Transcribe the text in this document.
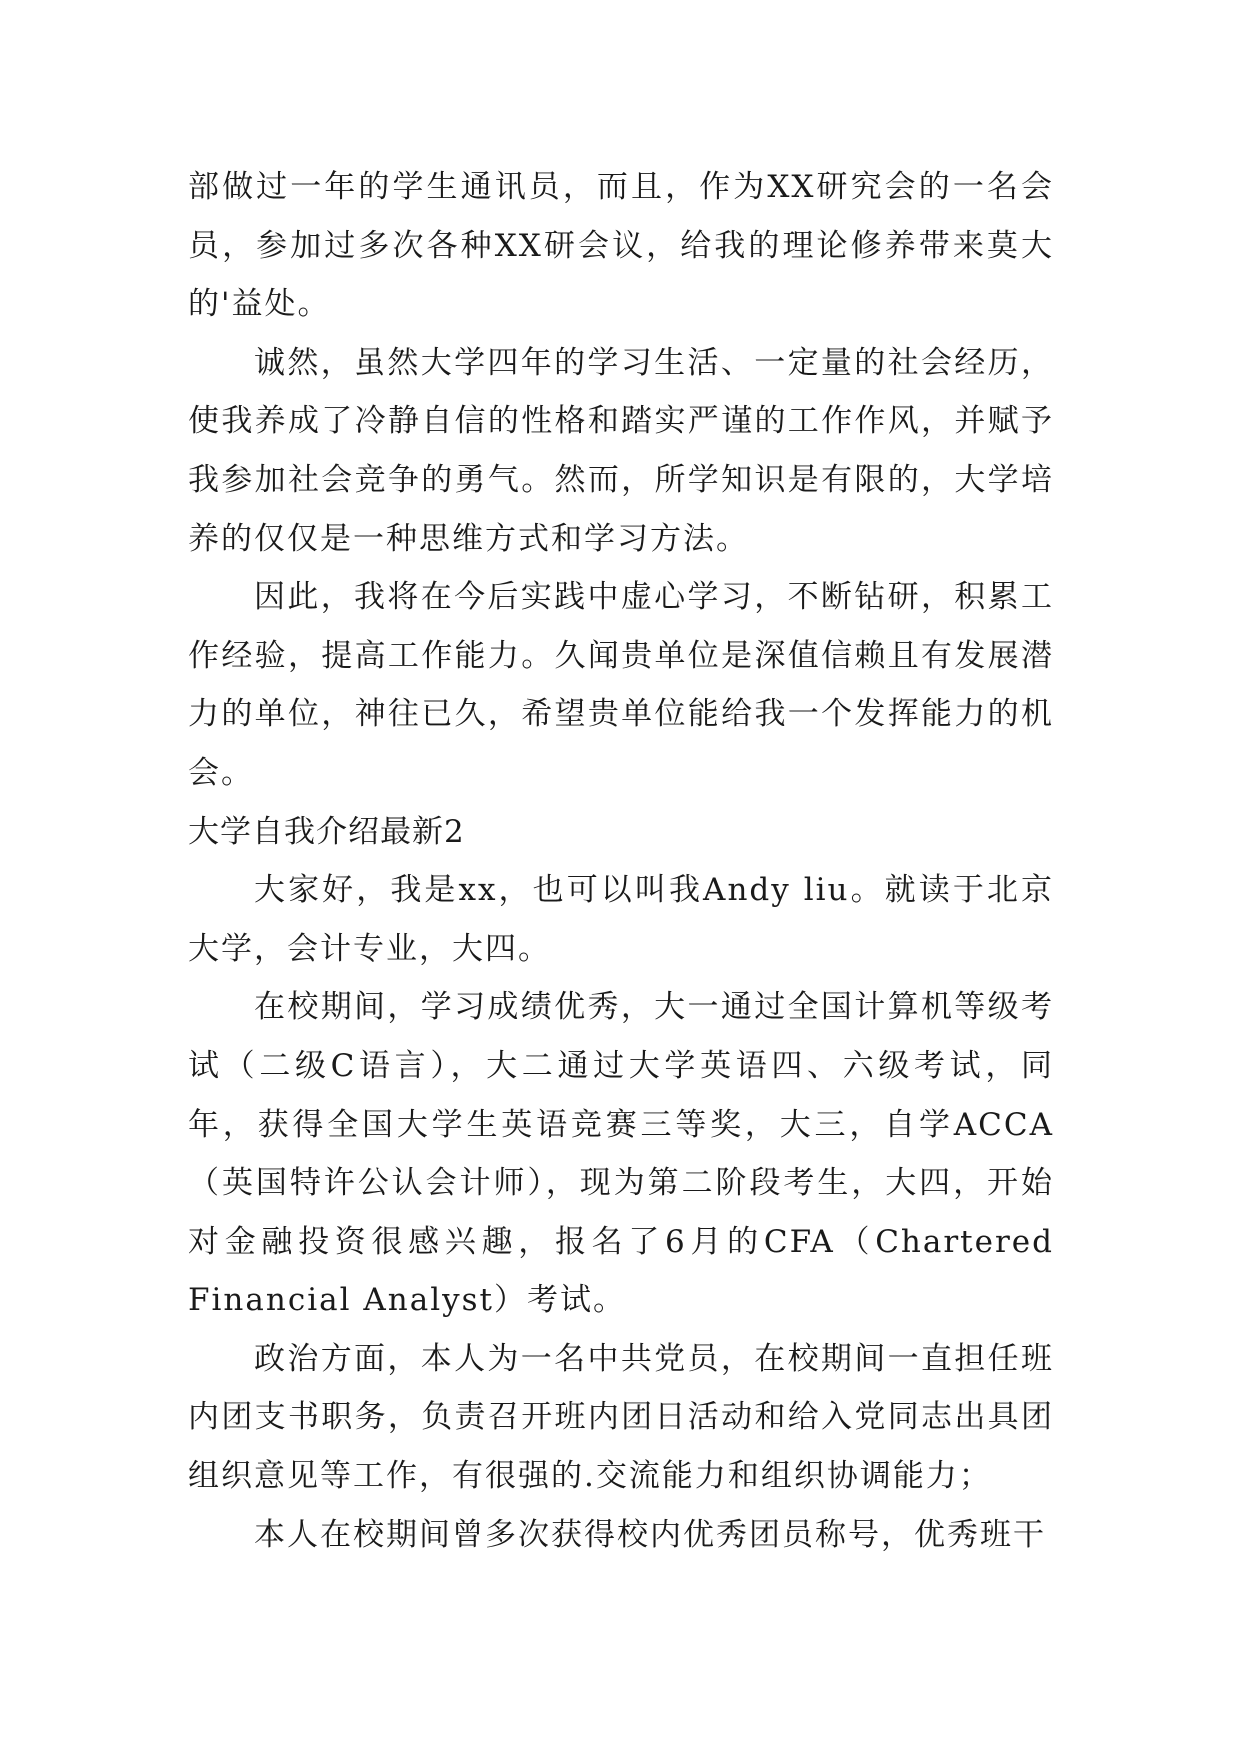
部做过一年的学生通讯员，而且，作为XX研究会的一名会员，参加过多次各种XX研会议，给我的理论修养带来莫大的'益处。

诚然，虽然大学四年的学习生活、一定量的社会经历，使我养成了冷静自信的性格和踏实严谨的工作作风，并赋予我参加社会竞争的勇气。然而，所学知识是有限的，大学培养的仅仅是一种思维方式和学习方法。

因此，我将在今后实践中虚心学习，不断钻研，积累工作经验，提高工作能力。久闻贵单位是深值信赖且有发展潜力的单位，神往已久，希望贵单位能给我一个发挥能力的机会。

大学自我介绍最新2

大家好，我是xx，也可以叫我Andy liu。就读于北京大学，会计专业，大四。

在校期间，学习成绩优秀，大一通过全国计算机等级考试（二级C语言），大二通过大学英语四、六级考试，同年，获得全国大学生英语竞赛三等奖，大三，自学ACCA（英国特许公认会计师），现为第二阶段考生，大四，开始对金融投资很感兴趣，报名了6月的CFA（Chartered Financial Analyst）考试。

政治方面，本人为一名中共党员，在校期间一直担任班内团支书职务，负责召开班内团日活动和给入党同志出具团组织意见等工作，有很强的.交流能力和组织协调能力；

本人在校期间曾多次获得校内优秀团员称号，优秀班干
